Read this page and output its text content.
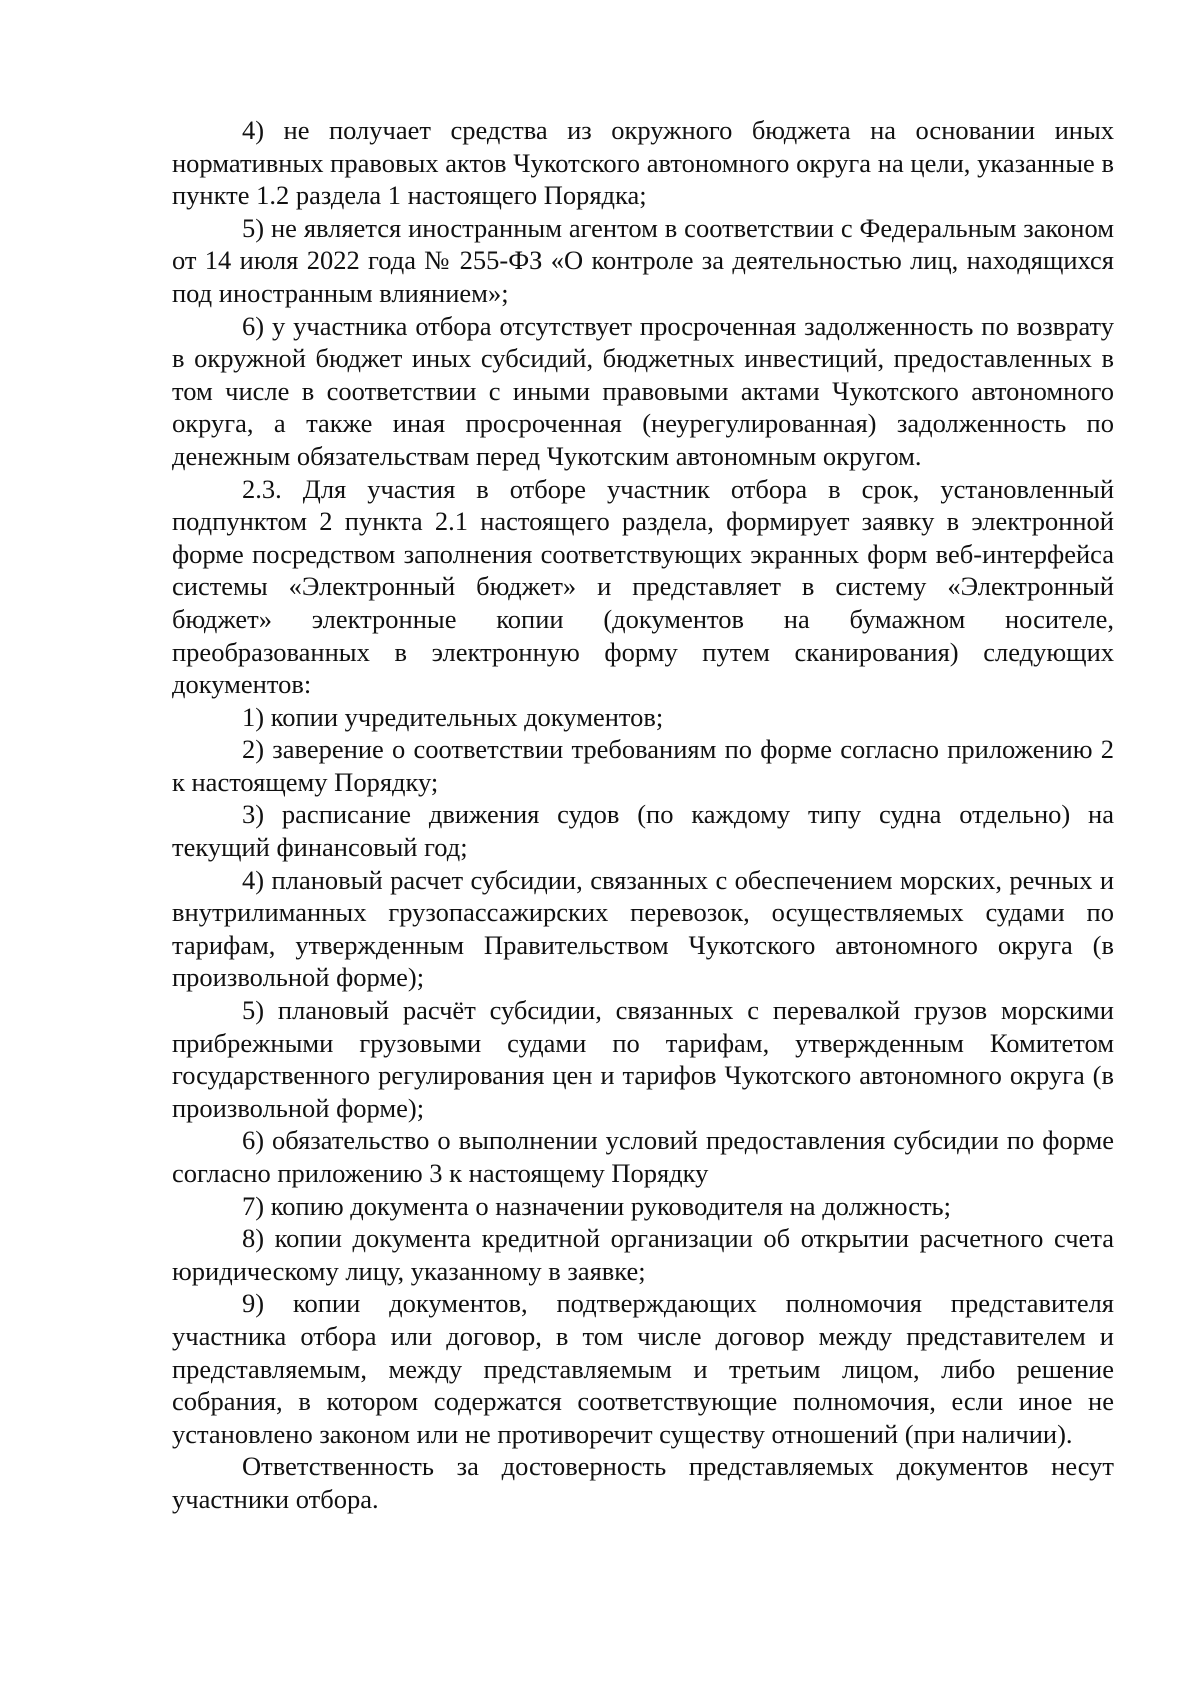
4) не получает средства из окружного бюджета на основании иных нормативных правовых актов Чукотского автономного округа на цели, указанные в пункте 1.2 раздела 1 настоящего Порядка;

5) не является иностранным агентом в соответствии с Федеральным законом от 14 июля 2022 года № 255-ФЗ «О контроле за деятельностью лиц, находящихся под иностранным влиянием»;

6) у участника отбора отсутствует просроченная задолженность по возврату в окружной бюджет иных субсидий, бюджетных инвестиций, предоставленных в том числе в соответствии с иными правовыми актами Чукотского автономного округа, а также иная просроченная (неурегулированная) задолженность по денежным обязательствам перед Чукотским автономным округом.

2.3. Для участия в отборе участник отбора в срок, установленный подпунктом 2 пункта 2.1 настоящего раздела, формирует заявку в электронной форме посредством заполнения соответствующих экранных форм веб-интерфейса системы «Электронный бюджет» и представляет в систему «Электронный бюджет» электронные копии (документов на бумажном носителе, преобразованных в электронную форму путем сканирования) следующих документов:

1) копии учредительных документов;

2) заверение о соответствии требованиям по форме согласно приложению 2 к настоящему Порядку;

3) расписание движения судов (по каждому типу судна отдельно) на текущий финансовый год;

4) плановый расчет субсидии, связанных с обеспечением морских, речных и внутрилиманных грузопассажирских перевозок, осуществляемых судами по тарифам, утвержденным Правительством Чукотского автономного округа (в произвольной форме);

5) плановый расчёт субсидии, связанных с перевалкой грузов морскими прибрежными грузовыми судами по тарифам, утвержденным Комитетом государственного регулирования цен и тарифов Чукотского автономного округа (в произвольной форме);

6) обязательство о выполнении условий предоставления субсидии по форме согласно приложению 3 к настоящему Порядку

7) копию документа о назначении руководителя на должность;

8) копии документа кредитной организации об открытии расчетного счета юридическому лицу, указанному в заявке;

9) копии документов, подтверждающих полномочия представителя участника отбора или договор, в том числе договор между представителем и представляемым, между представляемым и третьим лицом, либо решение собрания, в котором содержатся соответствующие полномочия, если иное не установлено законом или не противоречит существу отношений (при наличии).

Ответственность за достоверность представляемых документов несут участники отбора.
